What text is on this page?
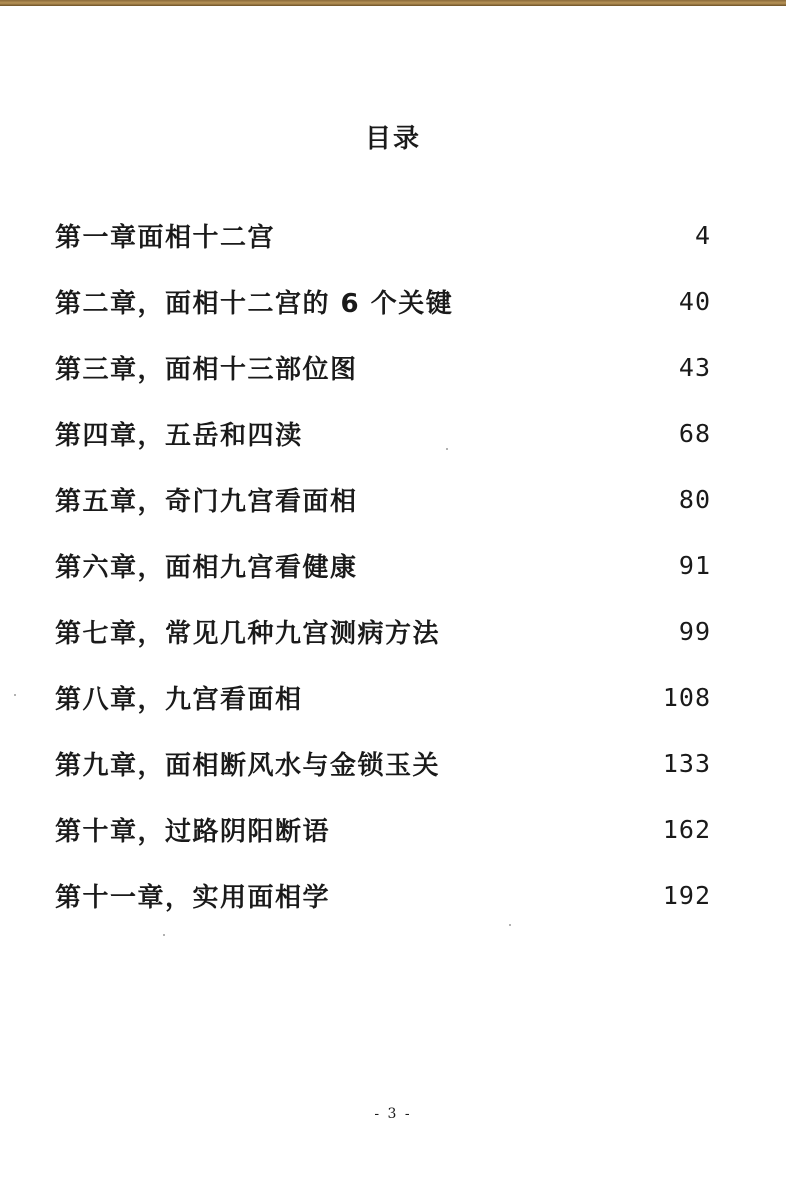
目录
第一章面相十二宫	4
第二章，面相十二宫的 6 个关键	40
第三章，面相十三部位图	43
第四章，五岳和四渎	68
第五章，奇门九宫看面相	80
第六章，面相九宫看健康	91
第七章，常见几种九宫测病方法	99
第八章，九宫看面相	108
第九章，面相断风水与金锁玉关	133
第十章，过路阴阳断语	162
第十一章，实用面相学	192
- 3 -
